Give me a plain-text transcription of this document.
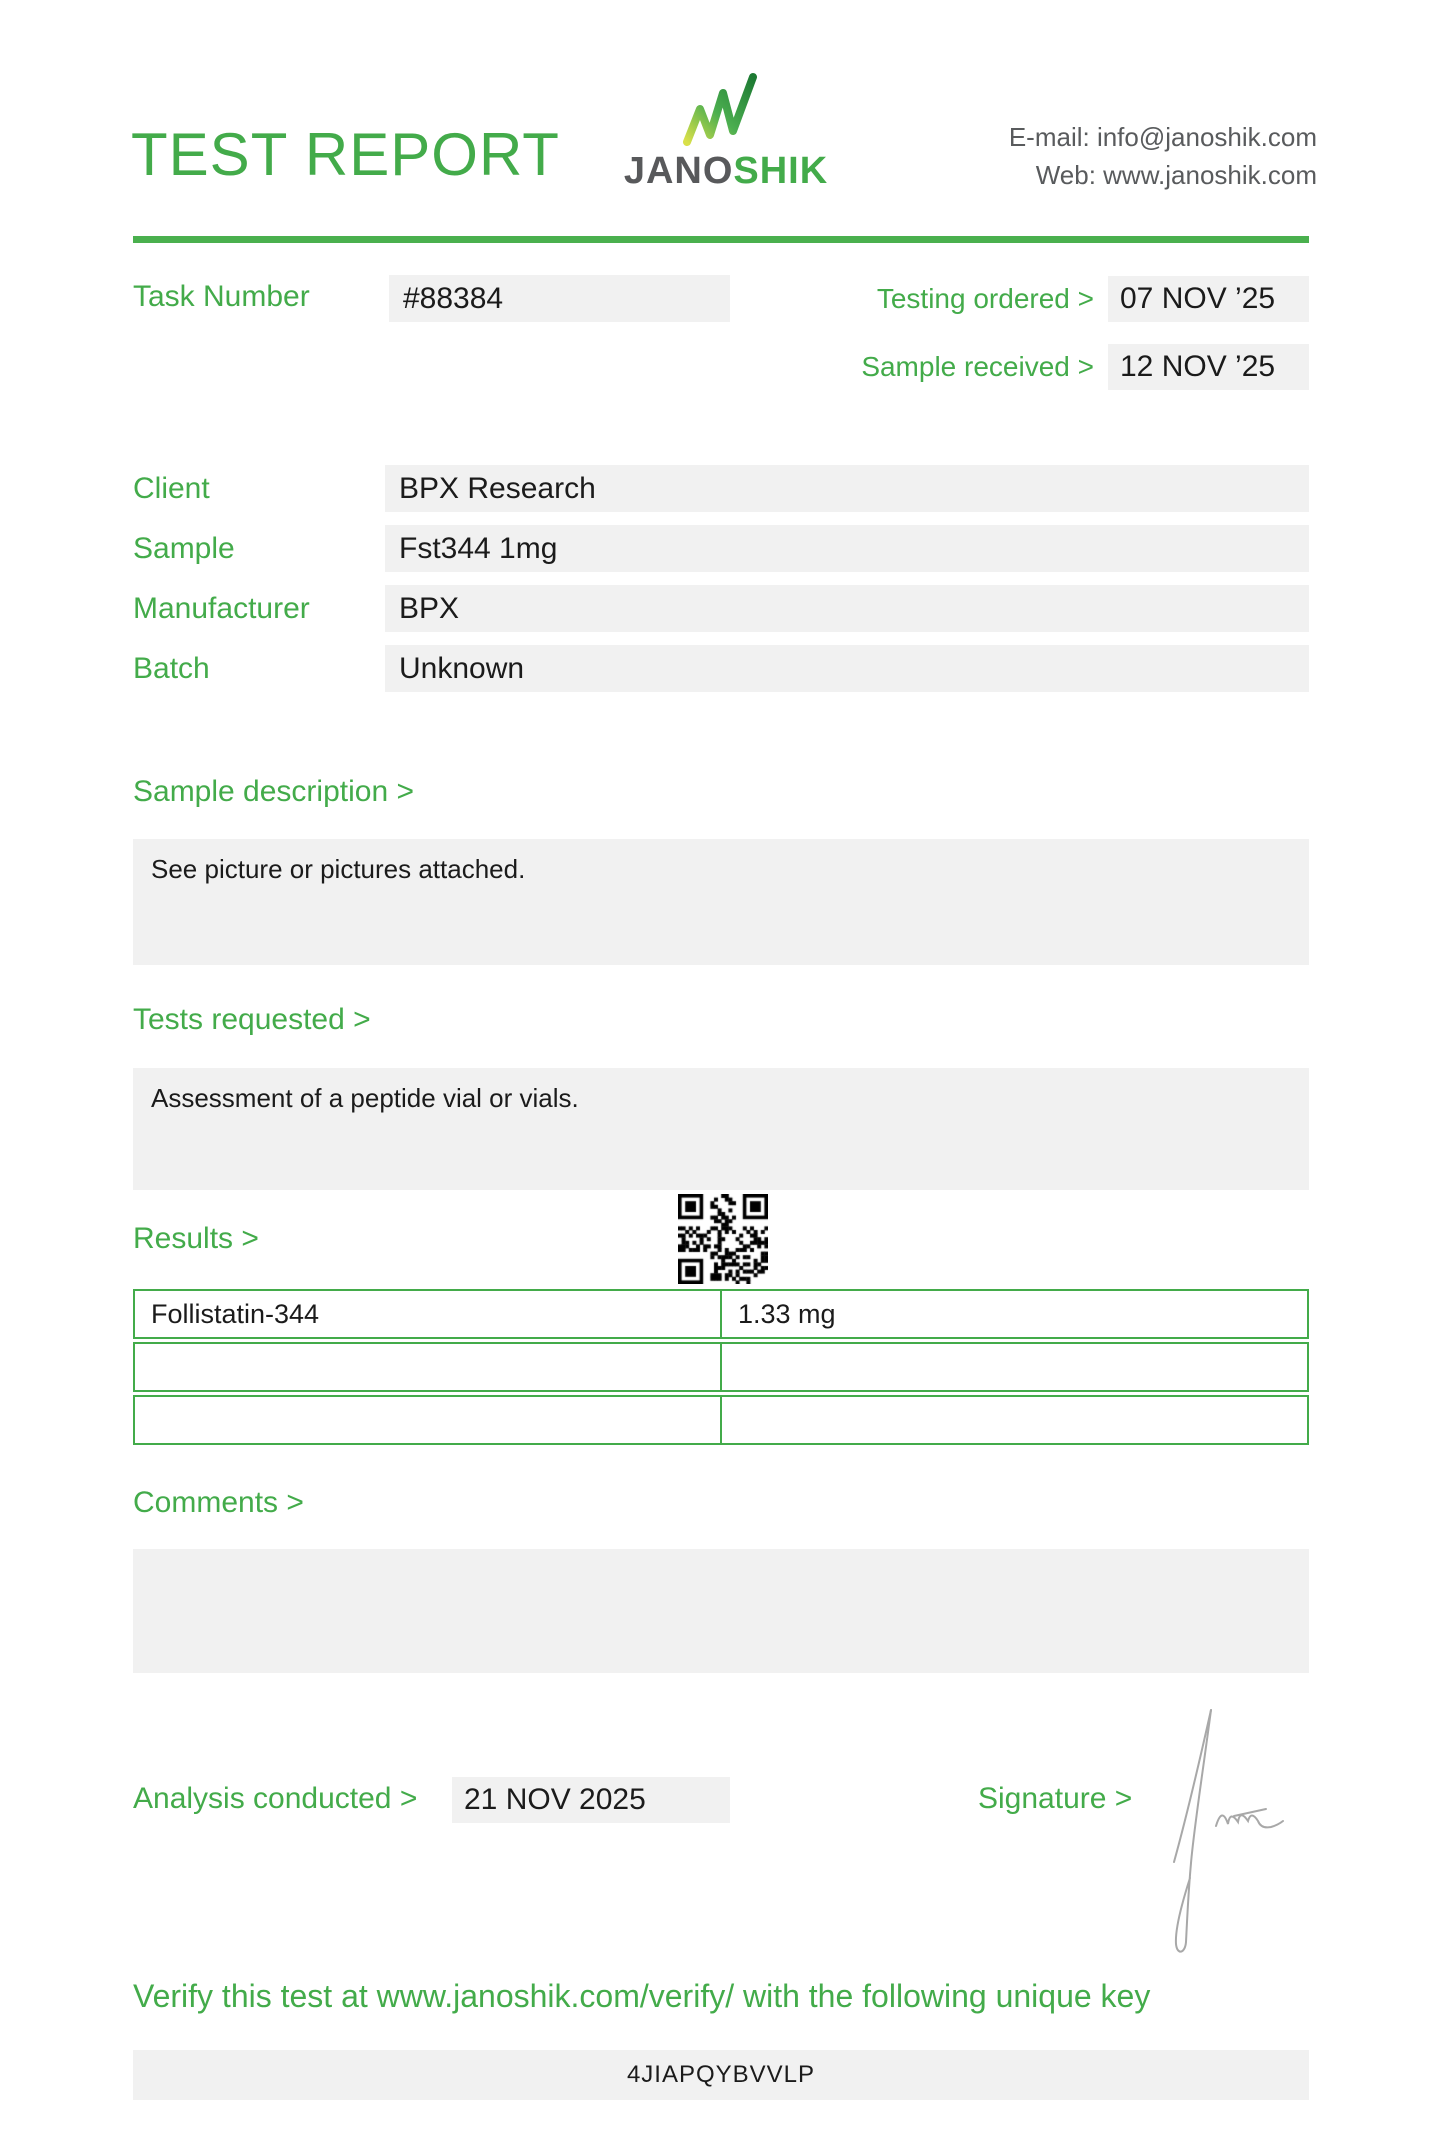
TEST REPORT JANOSHIK
E-mail: info@janoshik.com
Web: www.janoshik.com
Task Number	#88384	Testing ordered > 07 NOV ’25
Sample received > 12 NOV ’25
Client	BPX Research
Sample	Fst344 1mg
Manufacturer	BPX
Batch	Unknown
Sample description >
See picture or pictures attached.
Tests requested >
Assessment of a peptide vial or vials.
Results >
Follistatin-344	1.33 mg
Comments >
Analysis conducted >	21 NOV 2025	Signature >
Verify this test at www.janoshik.com/verify/ with the following unique key
4JIAPQYBVVLP
